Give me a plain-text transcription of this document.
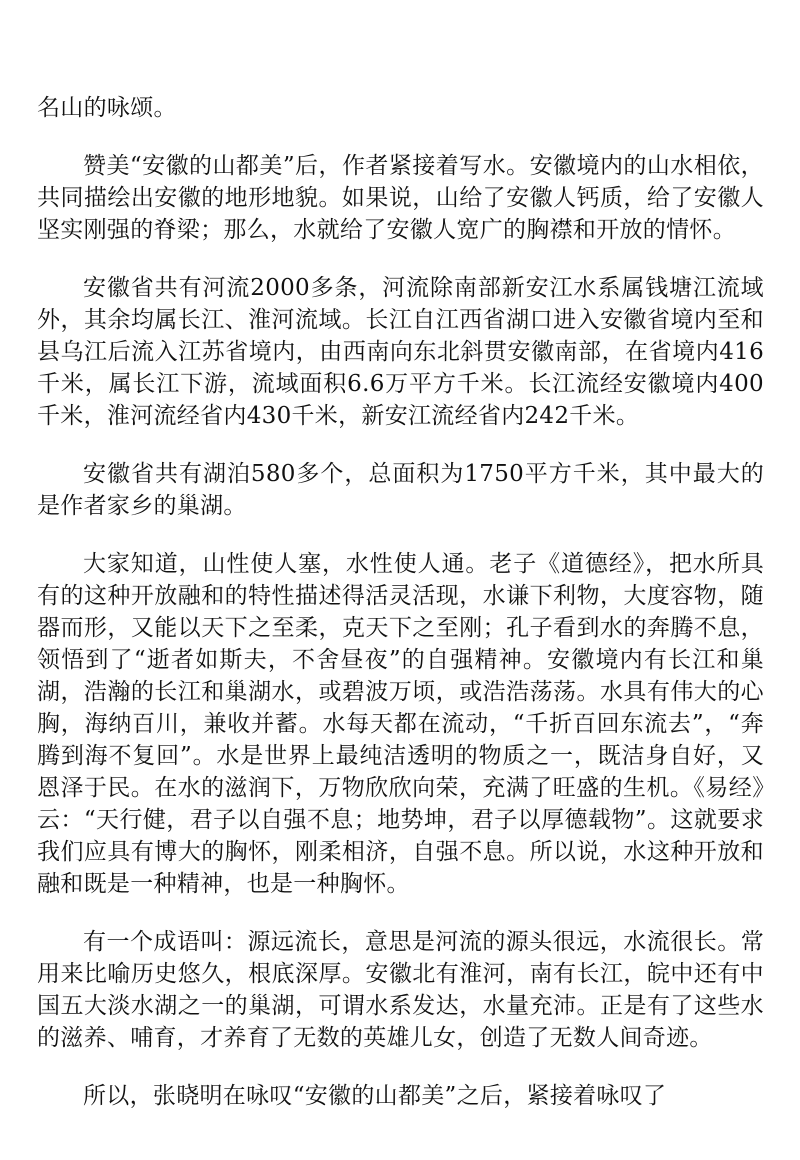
名山的咏颂。

赞美“安徽的山都美”后，作者紧接着写水。安徽境内的山水相依，共同描绘出安徽的地形地貌。如果说，山给了安徽人钙质，给了安徽人坚实刚强的脊梁；那么，水就给了安徽人宽广的胸襟和开放的情怀。

安徽省共有河流2000多条，河流除南部新安江水系属钱塘江流域外，其余均属长江、淮河流域。长江自江西省湖口进入安徽省境内至和县乌江后流入江苏省境内，由西南向东北斜贯安徽南部，在省境内416千米，属长江下游，流域面积6.6万平方千米。长江流经安徽境内400千米，淮河流经省内430千米，新安江流经省内242千米。

安徽省共有湖泊580多个，总面积为1750平方千米，其中最大的是作者家乡的巢湖。

大家知道，山性使人塞，水性使人通。老子《道德经》，把水所具有的这种开放融和的特性描述得活灵活现，水谦下利物，大度容物，随器而形，又能以天下之至柔，克天下之至刚；孔子看到水的奔腾不息，领悟到了“逝者如斯夫，不舍昼夜”的自强精神。安徽境内有长江和巢湖，浩瀚的长江和巢湖水，或碧波万顷，或浩浩荡荡。水具有伟大的心胸，海纳百川，兼收并蓄。水每天都在流动，“千折百回东流去”，“奔腾到海不复回”。水是世界上最纯洁透明的物质之一，既洁身自好，又恩泽于民。在水的滋润下，万物欣欣向荣，充满了旺盛的生机。《易经》云：“天行健，君子以自强不息；地势坤，君子以厚德载物”。这就要求我们应具有博大的胸怀，刚柔相济，自强不息。所以说，水这种开放和融和既是一种精神，也是一种胸怀。

有一个成语叫：源远流长，意思是河流的源头很远，水流很长。常用来比喻历史悠久，根底深厚。安徽北有淮河，南有长江，皖中还有中国五大淡水湖之一的巢湖，可谓水系发达，水量充沛。正是有了这些水的滋养、哺育，才养育了无数的英雄儿女，创造了无数人间奇迹。

所以，张晓明在咏叹“安徽的山都美”之后，紧接着咏叹了
